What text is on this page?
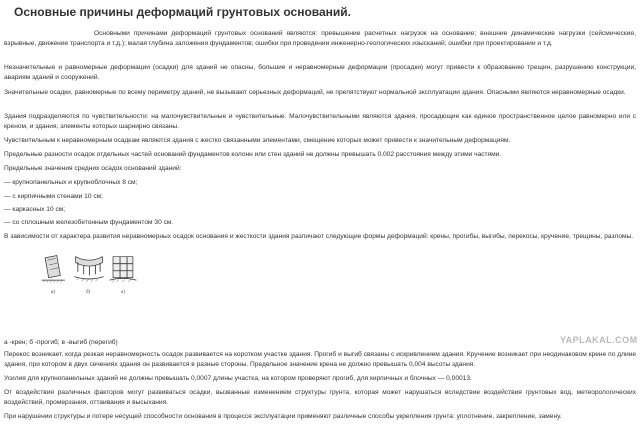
Основные причины деформаций грунтовых оснований.

Основными причинами деформаций грунтовых оснований являются: превышение расчетных нагрузок на основание; внешние динамические нагрузки (сейсмические, взрывные, движение транспорта и т.д.); малая глубина заложения фундаментов; ошибки при проведении инженерно-геологических изысканий; ошибки при проектировании и т.д.

Незначительные и равномерные деформации (осадки) для зданий не опасны, большие и неравномерные деформации (просадки) могут привести к образованию трещин, разрушению конструкции, авариям зданий и сооружений.

Значительные осадки, равномерные по всему периметру зданий, не вызывают серьезных деформаций, не препятствуют нормальной эксплуатации здания. Опасными являются неравномерные осадки.

Здания подразделяются по чувствительности: на малочувствительные и чувствительные. Малочувствительными являются здания, просадющие как единое пространственное целое равномерно или с креном, и здания, элементы которых шарнирно связаны.

Чувствительным к неравномерным осадкам являются здания с жестко связанными элементами, смещение которых может привести к значительным деформациям.

Предельные разности осадок отдельных частей оснований фундаментов колонн или стен зданий не должны превышать 0,002 расстояния между этими частями.

Предельные значения средних осадок оснований зданий:

— крупнопанельных и крупноблочных 8 см;

— с кирпичными стенами 10 см;

— каркасных 10 см;

— со сплошным железобетонным фундаментом 30 см.

В зависимости от характера развития неравномерных осадок основания и жесткости здания различают следующие формы деформаций: крены, прогибы, выгибы, перекосы, кручение, трещины, разломы.

а)	б)	в)

а -крен; б -прогиб; в -выгиб (перегиб)	YAPLAKAL.COM

Перекос возникает, когда резкая неравномерность осадок развивается на коротком участке здания. Прогиб и выгиб связаны с искривлением здания. Кручение возникает при неодинаковом крене по длине здания, при котором в двух сечениях здания он развивается в разные стороны. Предельное значение крена не должно превышать 0,004 высоты здания.

Усилия для крупнопанельных зданий не должны превышать 0,0007 длины участка, на котором проверяют прогиб, для кирпичных и блочных — 0,00013.

От воздействия различных факторов могут развиваться осадки, вызванные изменением структуры грунта, которая может нарушаться вследствие воздействия грунтовых вод, метеорологических воздействий, промерзания, оттаивания и высыхания.

При нарушении структуры и потере несущей способности основания в процессе эксплуатации применяют различные способы укрепления грунта: уплотнение, закрепление, замену.
